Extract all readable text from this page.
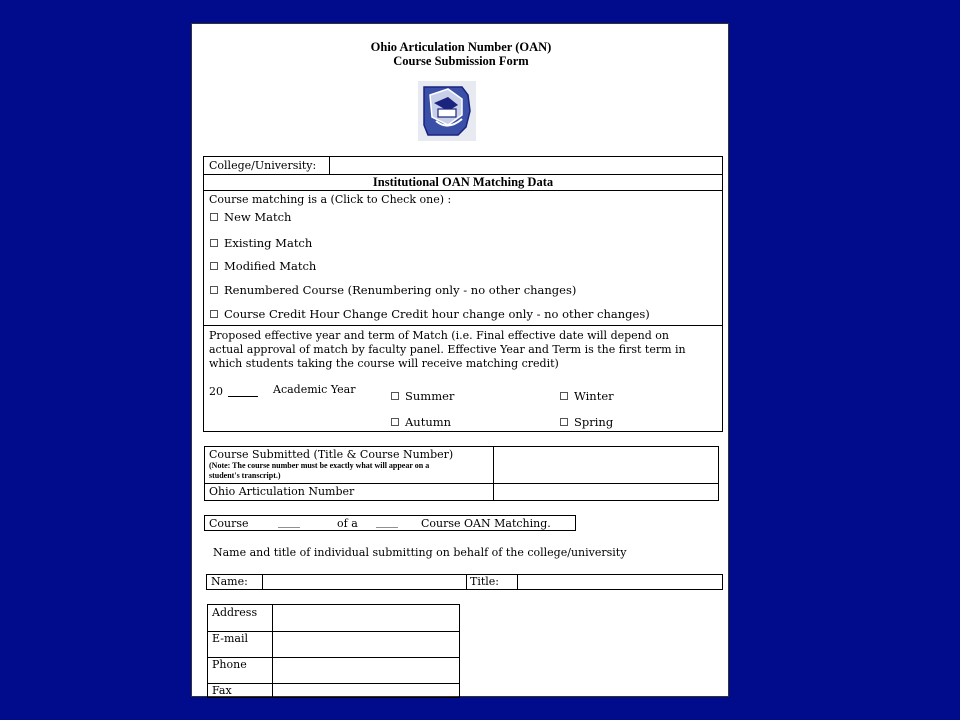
Ohio Articulation Number (OAN)
Course Submission Form
College/University:
Institutional OAN Matching Data
Course matching is a (Click to Check one) :
New Match
Existing Match
Modified Match
Renumbered Course (Renumbering only - no other changes)
Course Credit Hour Change Credit hour change only - no other changes)
Proposed effective year and term of Match (i.e. Final effective date will depend on
actual approval of match by faculty panel. Effective Year and Term is the first term in
which students taking the course will receive matching credit)
20	Academic Year	Summer	Winter
Autumn	Spring
Course Submitted (Title & Course Number)
(Note: The course number must be exactly what will appear on a
student's transcript.)
Ohio Articulation Number
Course	____	of a ____ Course OAN Matching.
Name and title of individual submitting on behalf of the college/university
Name:	Title:
Address
E-mail
Phone
Fax
